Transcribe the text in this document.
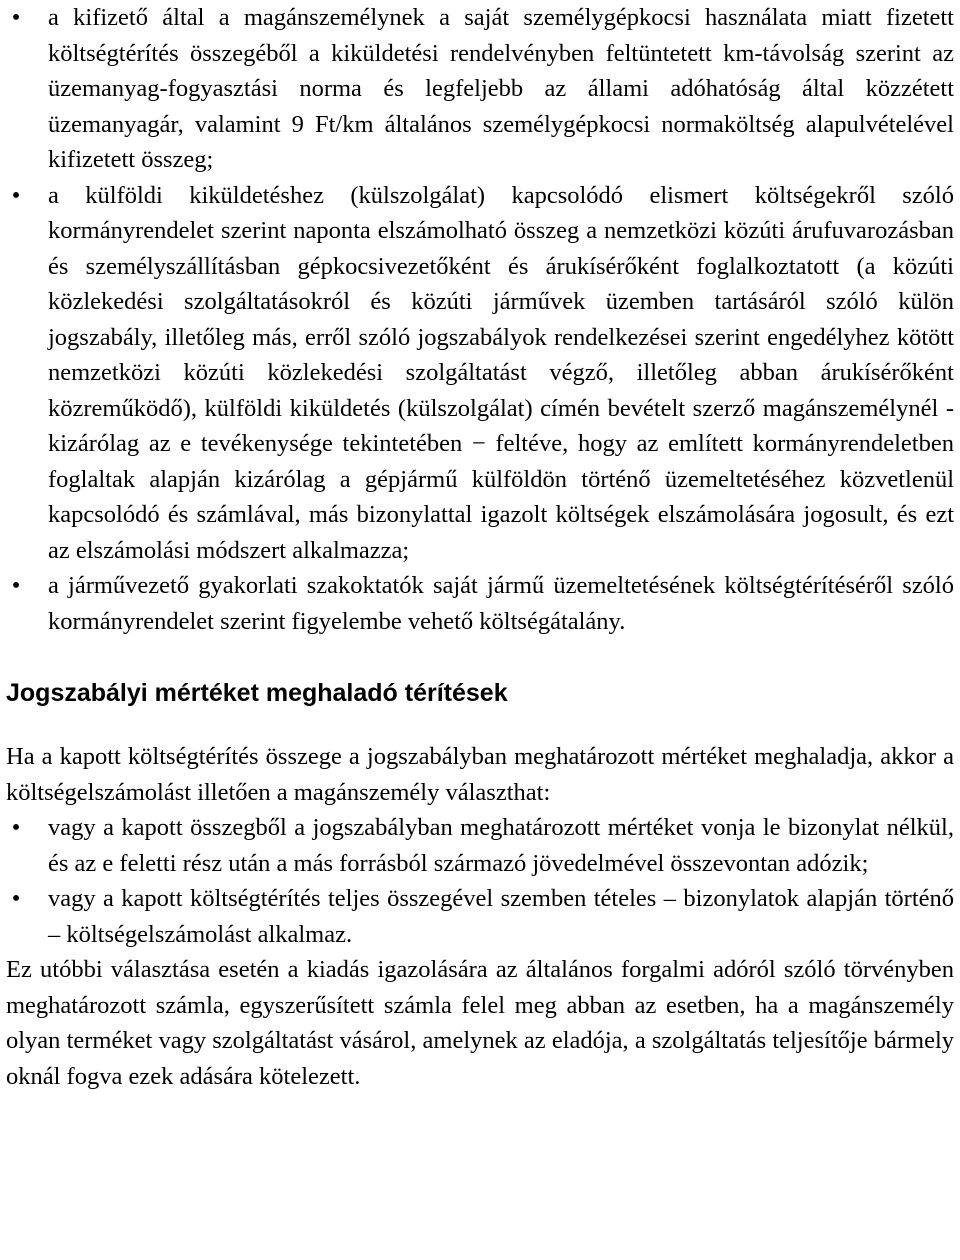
• a kifizető által a magánszemélynek a saját személygépkocsi használata miatt fizetett költségtérítés összegéből a kiküldetési rendelvényben feltüntetett km-távolság szerint az üzemanyag-fogyasztási norma és legfeljebb az állami adóhatóság által közzétett üzemanyagár, valamint 9 Ft/km általános személygépkocsi normaköltség alapulvételével kifizetett összeg;
• a külföldi kiküldetéshez (külszolgálat) kapcsolódó elismert költségekről szóló kormányrendelet szerint naponta elszámolható összeg a nemzetközi közúti árufuvarozásban és személyszállításban gépkocsivezetőként és árukísérőként foglalkoztatott (a közúti közlekedési szolgáltatásokról és közúti járművek üzemben tartásáról szóló külön jogszabály, illetőleg más, erről szóló jogszabályok rendelkezései szerint engedélyhez kötött nemzetközi közúti közlekedési szolgáltatást végző, illetőleg abban árukísérőként közreműködő), külföldi kiküldetés (külszolgálat) címén bevételt szerző magánszemélynél - kizárólag az e tevékenysége tekintetében − feltéve, hogy az említett kormányrendeletben foglaltak alapján kizárólag a gépjármű külföldön történő üzemeltetéséhez közvetlenül kapcsolódó és számlával, más bizonylattal igazolt költségek elszámolására jogosult, és ezt az elszámolási módszert alkalmazza;
• a járművezető gyakorlati szakoktatók saját jármű üzemeltetésének költségtérítéséről szóló kormányrendelet szerint figyelembe vehető költségátalány.
Jogszabályi mértéket meghaladó térítések

Ha a kapott költségtérítés összege a jogszabályban meghatározott mértéket meghaladja, akkor a költségelszámolást illetően a magánszemély választhat:

• vagy a kapott összegből a jogszabályban meghatározott mértéket vonja le bizonylat nélkül, és az e feletti rész után a más forrásból származó jövedelmével összevontan adózik;
• vagy a kapott költségtérítés teljes összegével szemben tételes – bizonylatok alapján történő – költségelszámolást alkalmaz.

Ez utóbbi választása esetén a kiadás igazolására az általános forgalmi adóról szóló törvényben meghatározott számla, egyszerűsített számla felel meg abban az esetben, ha a magánszemély olyan terméket vagy szolgáltatást vásárol, amelynek az eladója, a szolgáltatás teljesítője bármely oknál fogva ezek adására kötelezett.
